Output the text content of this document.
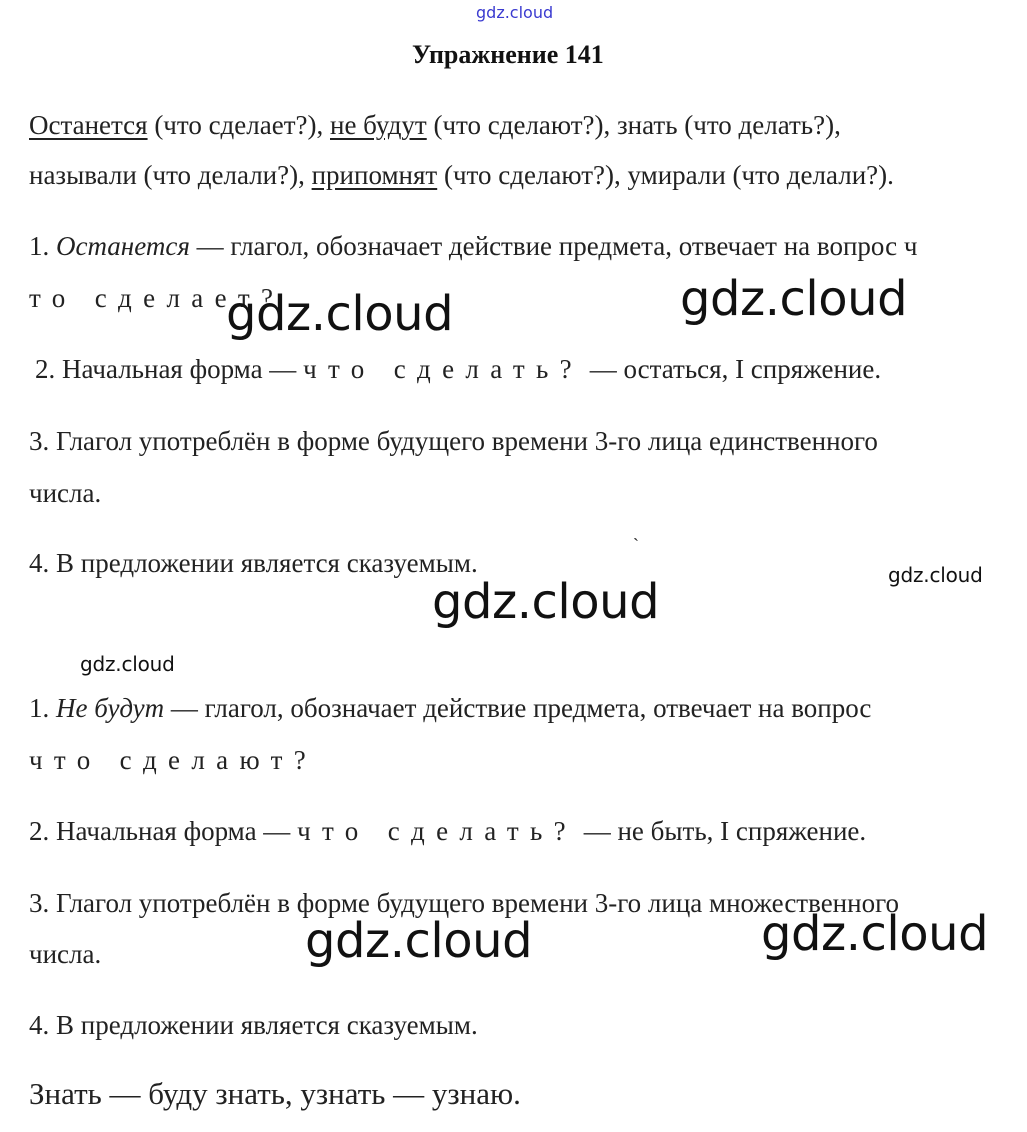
gdz.cloud
Упражнение 141
Останется (что сделает?), не будут (что сделают?), знать (что делать?),
называли (что делали?), припомнят (что сделают?), умирали (что делали?).
1. Останется — глагол, обозначает действие предмета, отвечает на вопрос ч
то сделает?
2. Начальная форма — что сделать? — остаться, I спряжение.
3. Глагол употреблён в форме будущего времени 3-го лица единственного
числа.
4. В предложении является сказуемым.
`
1. Не будут — глагол, обозначает действие предмета, отвечает на вопрос
что сделают?
2. Начальная форма — что сделать? — не быть, I спряжение.
3. Глагол употреблён в форме будущего времени 3-го лица множественного
числа.
4. В предложении является сказуемым.
Знать — буду знать, узнать — узнаю.
gdz.cloud	gdz.cloud
gdz.cloud	gdz.cloud
gdz.cloud
gdz.cloud	gdz.cloud
